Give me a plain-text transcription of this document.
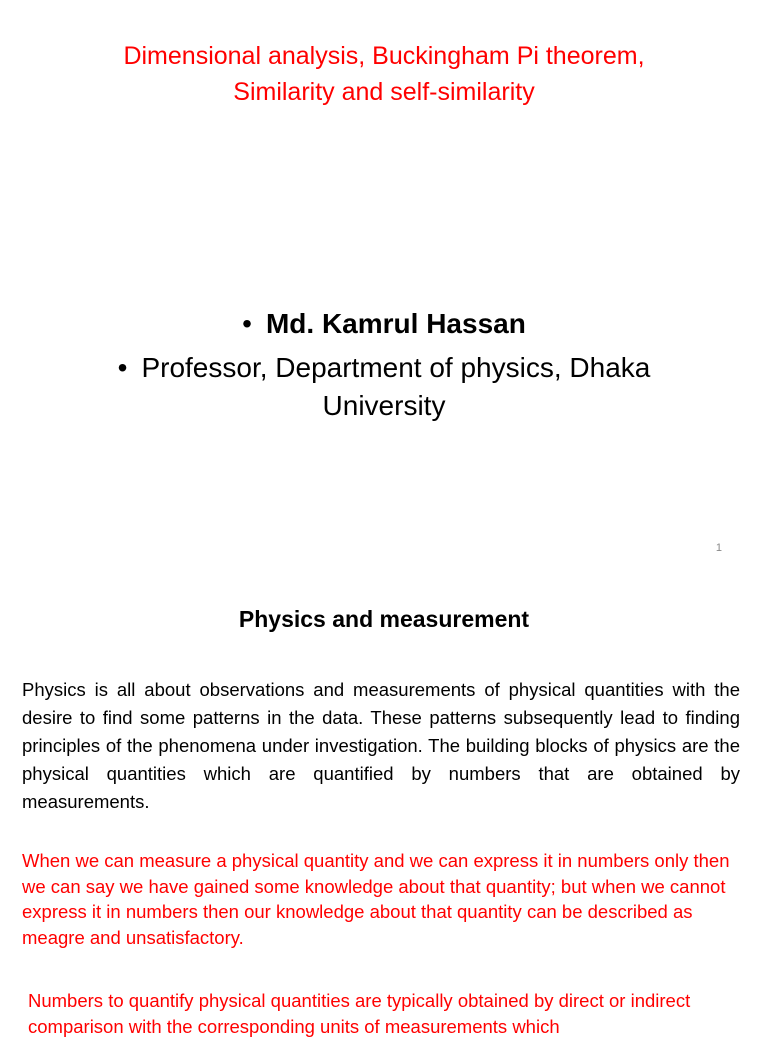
Dimensional analysis, Buckingham Pi theorem,
Similarity and self-similarity
• Md. Kamrul Hassan
• Professor, Department of physics, Dhaka University
1
Physics and measurement

Physics is all about observations and measurements of physical quantities with the desire to find some patterns in the data. These patterns subsequently lead to finding principles of the phenomena under investigation. The building blocks of physics are the physical quantities which are quantified by numbers that are obtained by measurements.

When we can measure a physical quantity and we can express it in numbers only then we can say we have gained some knowledge about that quantity; but when we cannot express it in numbers then our knowledge about that quantity can be described as meagre and unsatisfactory.

Numbers to quantify physical quantities are typically obtained by direct or indirect comparison with the corresponding units of measurements which
